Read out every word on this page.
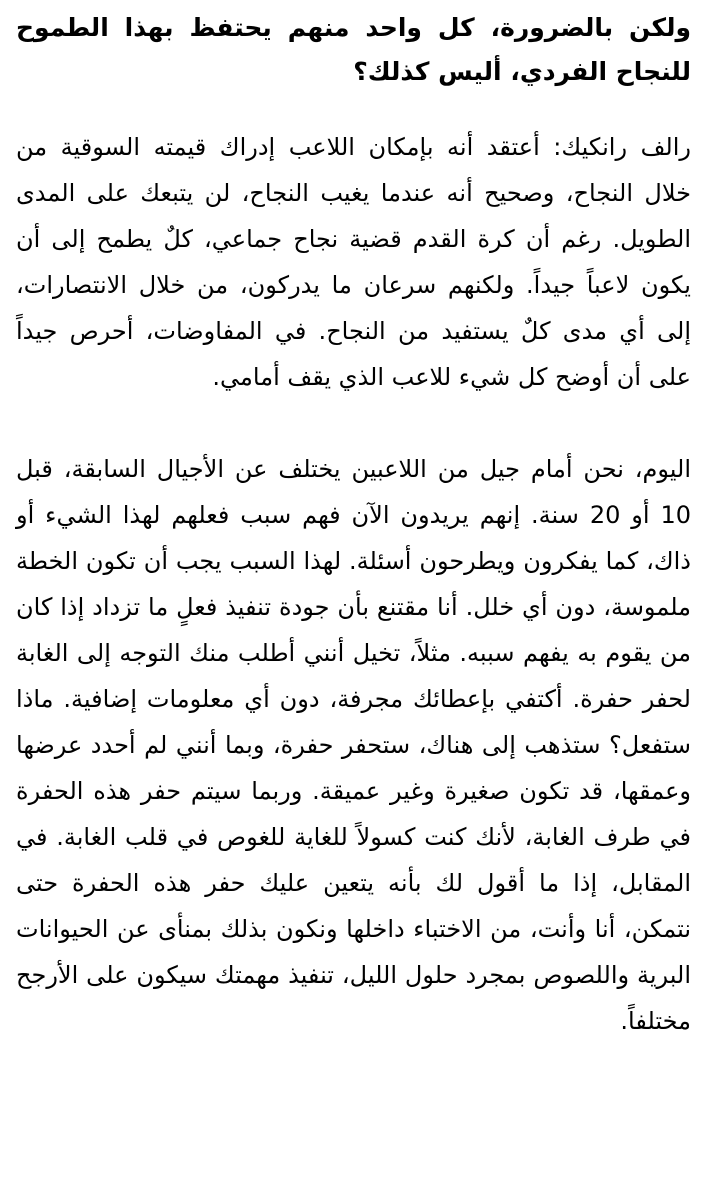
ولكن بالضرورة، كل واحد منهم يحتفظ بهذا الطموح للنجاح الفردي، أليس كذلك؟

رالف رانكيك: أعتقد أنه بإمكان اللاعب إدراك قيمته السوقية من خلال النجاح، وصحيح أنه عندما يغيب النجاح، لن يتبعك على المدى الطويل. رغم أن كرة القدم قضية نجاح جماعي، كلٌ يطمح إلى أن يكون لاعباً جيداً. ولكنهم سرعان ما يدركون، من خلال الانتصارات، إلى أي مدى كلٌ يستفيد من النجاح. في المفاوضات، أحرص جيداً على أن أوضح كل شيء للاعب الذي يقف أمامي.

اليوم، نحن أمام جيل من اللاعبين يختلف عن الأجيال السابقة، قبل 10 أو 20 سنة. إنهم يريدون الآن فهم سبب فعلهم لهذا الشيء أو ذاك، كما يفكرون ويطرحون أسئلة. لهذا السبب يجب أن تكون الخطة ملموسة، دون أي خلل. أنا مقتنع بأن جودة تنفيذ فعلٍ ما تزداد إذا كان من يقوم به يفهم سببه. مثلاً، تخيل أنني أطلب منك التوجه إلى الغابة لحفر حفرة. أكتفي بإعطائك مجرفة، دون أي معلومات إضافية. ماذا ستفعل؟ ستذهب إلى هناك، ستحفر حفرة، وبما أنني لم أحدد عرضها وعمقها، قد تكون صغيرة وغير عميقة. وربما سيتم حفر هذه الحفرة في طرف الغابة، لأنك كنت كسولاً للغاية للغوص في قلب الغابة. في المقابل، إذا ما أقول لك بأنه يتعين عليك حفر هذه الحفرة حتى نتمكن، أنا وأنت، من الاختباء داخلها ونكون بذلك بمنأى عن الحيوانات البرية واللصوص بمجرد حلول الليل، تنفيذ مهمتك سيكون على الأرجح مختلفاً.
